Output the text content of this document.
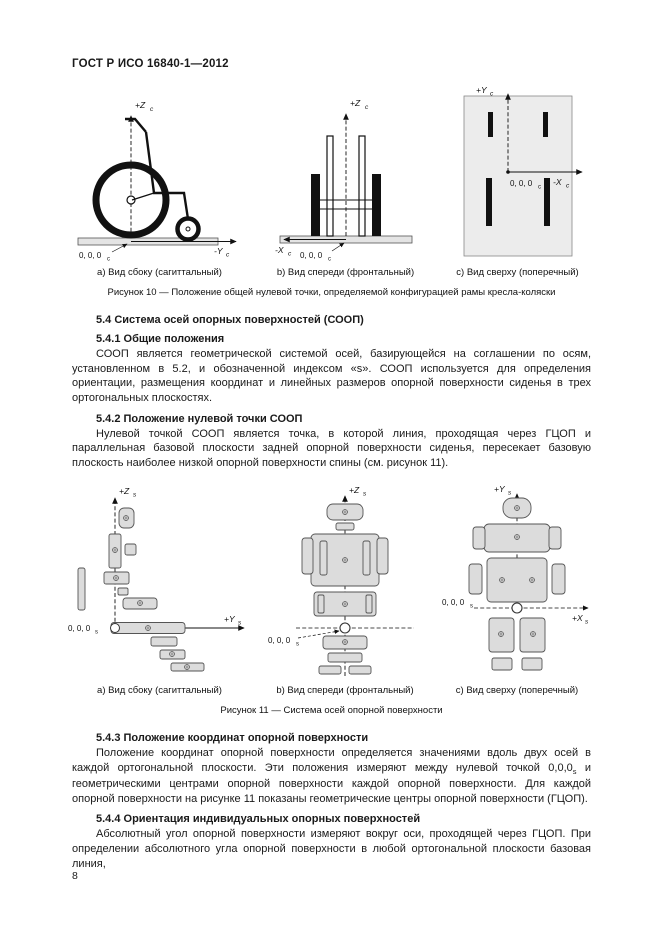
ГОСТ Р ИСО 16840-1—2012
+Z c
-Y c
0, 0, 0 c
a) Вид сбоку (сагиттальный)
+Z c
-X c 0, 0, 0 c
b) Вид спереди (фронтальный)
+Y c
-X c
0, 0, 0 c
c) Вид сверху (поперечный)
Рисунок 10 — Положение общей нулевой точки, определяемой конфигурацией рамы кресла-коляски
5.4 Система осей опорных поверхностей (СООП)
5.4.1 Общие положения

СООП является геометрической системой осей, базирующейся на соглашении по осям, установленном в 5.2, и обозначенной индексом «s». СООП используется для определения ориентации, размещения координат и линейных размеров опорной поверхности сиденья в трех ортогональных плоскостях.

5.4.2 Положение нулевой точки СООП

Нулевой точкой СООП является точка, в которой линия, проходящая через ГЦОП и параллельная базовой плоскости задней опорной поверхности сиденья, пересекает базовую плоскость наиболее низкой опорной поверхности спины (см. рисунок 11).

+Z s
+Y s
0, 0, 0 s
a) Вид сбоку (сагиттальный)
+Z s
0, 0, 0 s
b) Вид спереди (фронтальный)
+Y s
+X s
0, 0, 0 s
c) Вид сверху (поперечный)
Рисунок 11 — Система осей опорной поверхности
5.4.3 Положение координат опорной поверхности

Положение координат опорной поверхности определяется значениями вдоль двух осей в каждой ортогональной плоскости. Эти положения измеряют между нулевой точкой $0,0,0_s$ и геометрическими центрами опорной поверхности каждой опорной поверхности. Для каждой опорной поверхности на рисунке 11 показаны геометрические центры опорной поверхности (ГЦОП).

5.4.4 Ориентация индивидуальных опорных поверхностей

Абсолютный угол опорной поверхности измеряют вокруг оси, проходящей через ГЦОП. При определении абсолютного угла опорной поверхности в любой ортогональной плоскости базовая линия,

8
